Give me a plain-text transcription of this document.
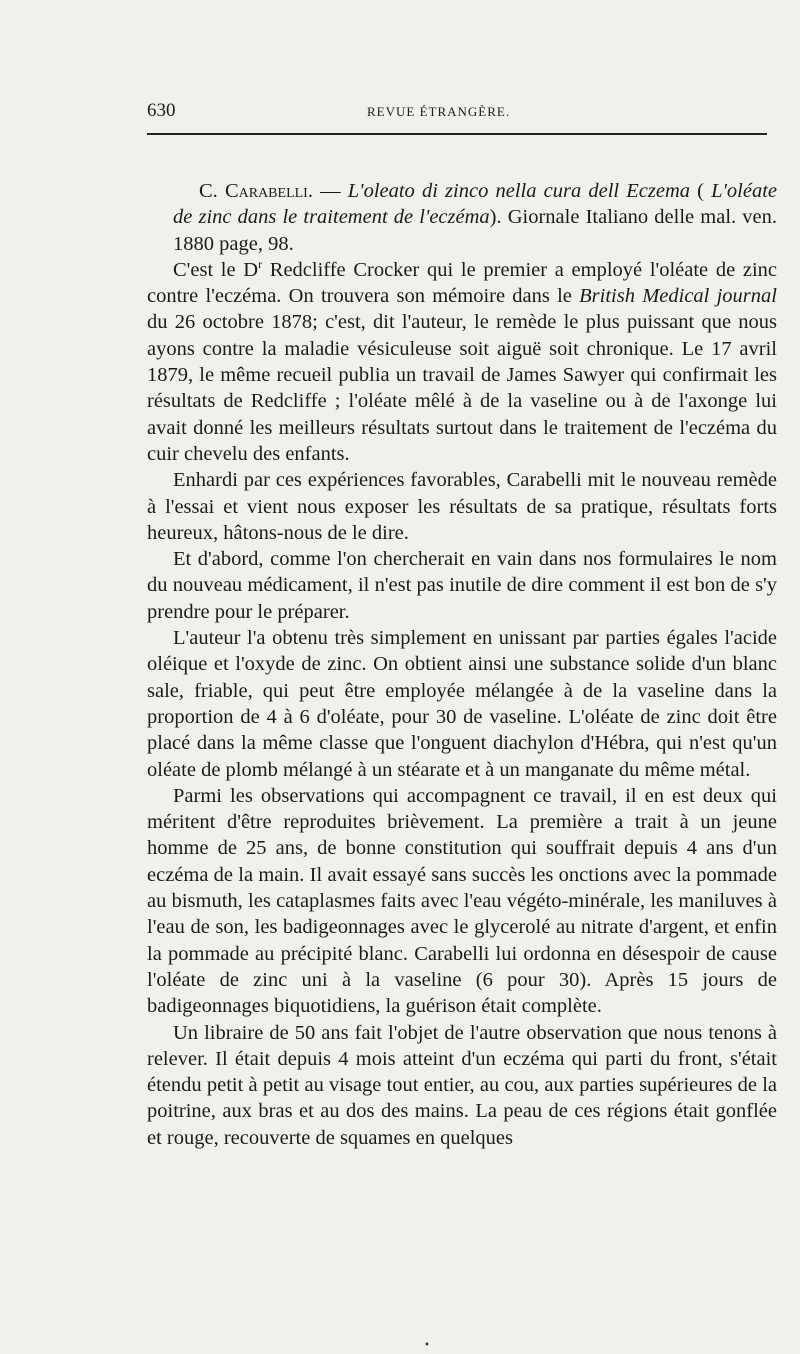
630	REVUE ÉTRANGÈRE.

C. Carabelli. — L'oleato di zinco nella cura dell Eczema ( L'oléate de zinc dans le traitement de l'eczéma). Giornale Italiano delle mal. ven. 1880 page, 98.

C'est le $D^r$ Redcliffe Crocker qui le premier a employé l'oléate de zinc contre l'eczéma. On trouvera son mémoire dans le British Medical journal du 26 octobre 1878; c'est, dit l'auteur, le remède le plus puissant que nous ayons contre la maladie vésiculeuse soit aiguë soit chronique. Le 17 avril 1879, le même recueil publia un travail de James Sawyer qui confirmait les résultats de Redcliffe ; l'oléate mêlé à de la vaseline ou à de l'axonge lui avait donné les meilleurs résultats surtout dans le traitement de l'eczéma du cuir chevelu des enfants.

Enhardi par ces expériences favorables, Carabelli mit le nouveau remède à l'essai et vient nous exposer les résultats de sa pratique, résultats forts heureux, hâtons-nous de le dire.

Et d'abord, comme l'on chercherait en vain dans nos formulaires le nom du nouveau médicament, il n'est pas inutile de dire comment il est bon de s'y prendre pour le préparer.

L'auteur l'a obtenu très simplement en unissant par parties égales l'acide oléique et l'oxyde de zinc. On obtient ainsi une substance solide d'un blanc sale, friable, qui peut être employée mélangée à de la vaseline dans la proportion de 4 à 6 d'oléate, pour 30 de vaseline. L'oléate de zinc doit être placé dans la même classe que l'onguent diachylon d'Hébra, qui n'est qu'un oléate de plomb mélangé à un stéarate et à un manganate du même métal.

Parmi les observations qui accompagnent ce travail, il en est deux qui méritent d'être reproduites brièvement. La première a trait à un jeune homme de 25 ans, de bonne constitution qui souffrait depuis 4 ans d'un eczéma de la main. Il avait essayé sans succès les onctions avec la pommade au bismuth, les cataplasmes faits avec l'eau végéto-minérale, les maniluves à l'eau de son, les badigeonnages avec le glycerolé au nitrate d'argent, et enfin la pommade au précipité blanc. Carabelli lui ordonna en désespoir de cause l'oléate de zinc uni à la vaseline (6 pour 30). Après 15 jours de badigeonnages biquotidiens, la guérison était complète.

Un libraire de 50 ans fait l'objet de l'autre observation que nous tenons à relever. Il était depuis 4 mois atteint d'un eczéma qui parti du front, s'était étendu petit à petit au visage tout entier, au cou, aux parties supérieures de la poitrine, aux bras et au dos des mains. La peau de ces régions était gonflée et rouge, recouverte de squames en quelques

•
